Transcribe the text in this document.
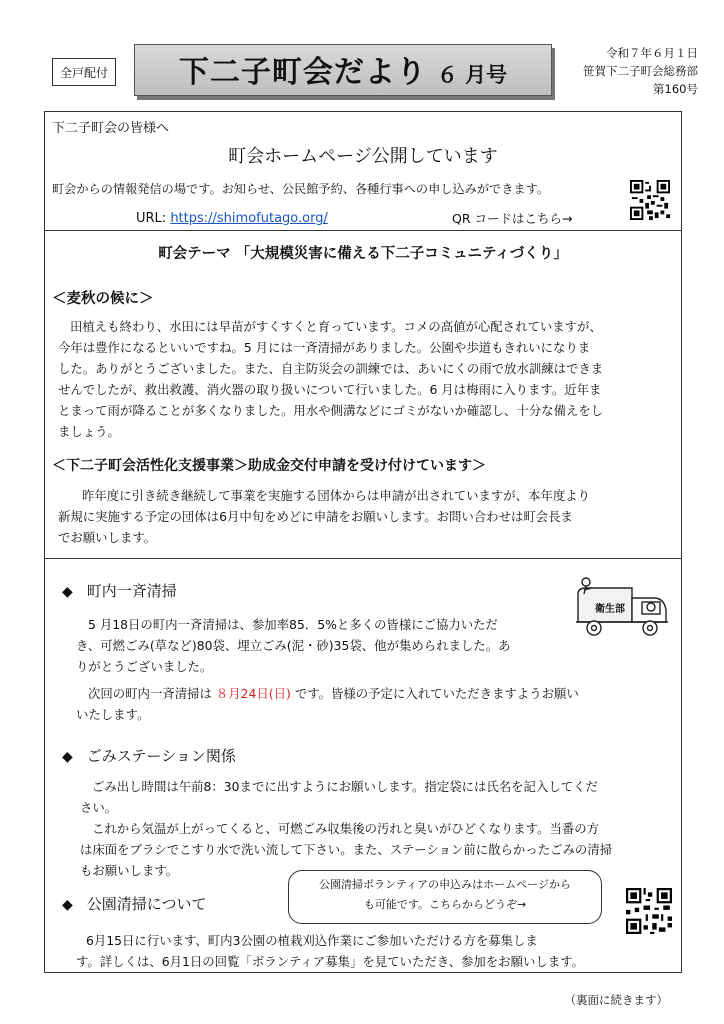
全戸配付 下二子町会だより ６ 月号
令和７年６月１日
笹賀下二子町会総務部
第160号
下二子町会の皆様へ
町会ホームページ公開しています
町会からの情報発信の場です。お知らせ、公民館予約、各種行事への申し込みができます。
URL: https://shimofutago.org/	QR コードはこちら→
町会テーマ 「大規模災害に備える下二子コミュニティづくり」
＜麦秋の候に＞
田植えも終わり、水田には早苗がすくすくと育っています。コメの高値が心配されていますが、
今年は豊作になるといいですね。5 月には一斉清掃がありました。公園や歩道もきれいになりま
した。ありがとうございました。また、自主防災会の訓練では、あいにくの雨で放水訓練はできま
せんでしたが、救出救護、消火器の取り扱いについて行いました。6 月は梅雨に入ります。近年ま
とまって雨が降ることが多くなりました。用水や側溝などにゴミがないか確認し、十分な備えをし
ましょう。
＜下二子町会活性化支援事業＞助成金交付申請を受け付けています＞
昨年度に引き続き継続して事業を実施する団体からは申請が出されていますが、本年度より
新規に実施する予定の団体は6月中旬をめどに申請をお願いします。お問い合わせは町会長ま
でお願いします。
◆ 町内一斉清掃
5 月18日の町内一斉清掃は、参加率85．5%と多くの皆様にご協力いただ
き、可燃ごみ(草など)80袋、埋立ごみ(泥・砂)35袋、他が集められました。あ
りがとうございました。
次回の町内一斉清掃は ８月24日(日) です。皆様の予定に入れていただきますようお願い
いたします。
衛生部
◆ ごみステーション関係
ごみ出し時間は午前8：30までに出すようにお願いします。指定袋には氏名を記入してくだ
さい。
これから気温が上がってくると、可燃ごみ収集後の汚れと臭いがひどくなります。当番の方
は床面をブラシでこすり水で洗い流して下さい。また、ステーション前に散らかったごみの清掃
もお願いします。
◆ 公園清掃について
公園清掃ボランティアの申込みはホームページから
も可能です。こちらからどうぞ→
6月15日に行います、町内3公園の植栽刈込作業にご参加いただける方を募集しま
す。詳しくは、6月1日の回覧「ボランティア募集」を見ていただき、参加をお願いします。
（裏面に続きます）
